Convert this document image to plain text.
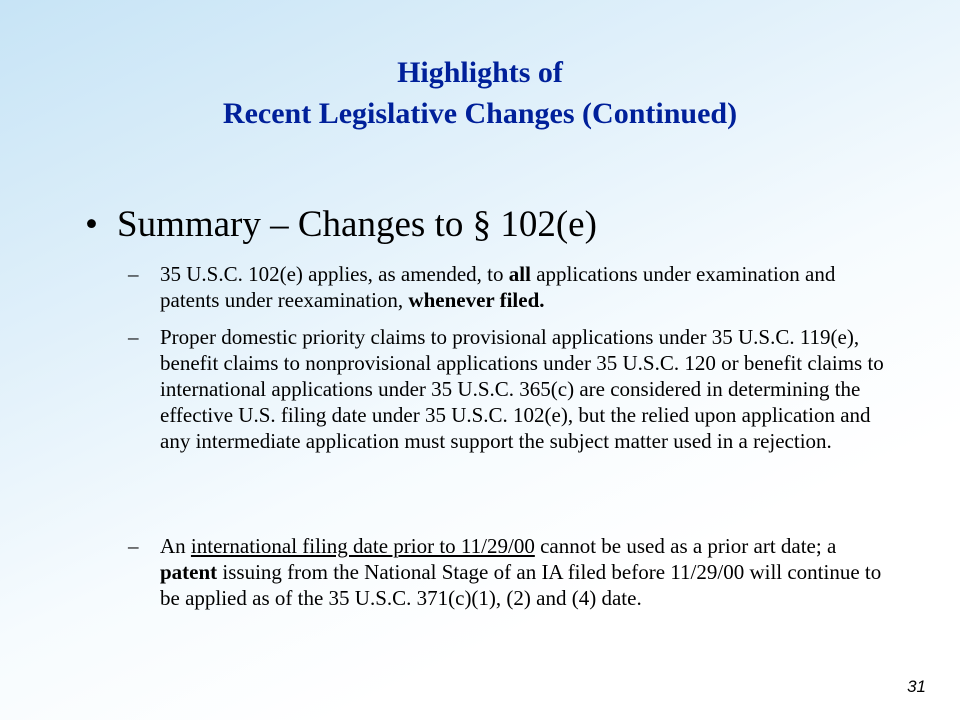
Highlights of
Recent Legislative Changes (Continued)
• Summary – Changes to § 102(e)
– 35 U.S.C. 102(e) applies, as amended, to all applications under examination and patents under reexamination, whenever filed.
– Proper domestic priority claims to provisional applications under 35 U.S.C. 119(e), benefit claims to nonprovisional applications under 35 U.S.C. 120 or benefit claims to international applications under 35 U.S.C. 365(c) are considered in determining the effective U.S. filing date under 35 U.S.C. 102(e), but the relied upon application and any intermediate application must support the subject matter used in a rejection.
– An international filing date prior to 11/29/00 cannot be used as a prior art date; a patent issuing from the National Stage of an IA filed before 11/29/00 will continue to be applied as of the 35 U.S.C. 371(c)(1), (2) and (4) date.
31
